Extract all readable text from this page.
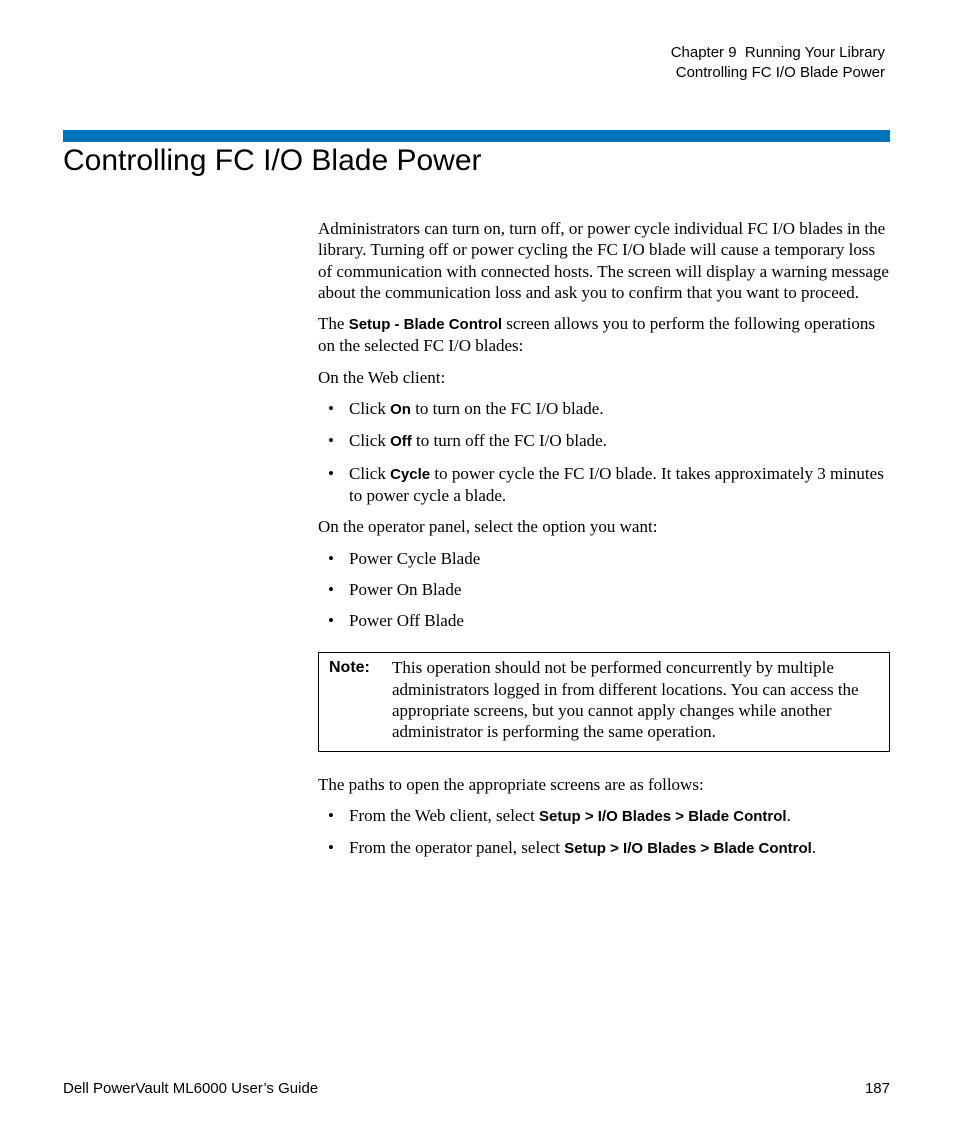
Chapter 9  Running Your Library
Controlling FC I/O Blade Power
Controlling FC I/O Blade Power

Administrators can turn on, turn off, or power cycle individual FC I/O blades in the library. Turning off or power cycling the FC I/O blade will cause a temporary loss of communication with connected hosts. The screen will display a warning message about the communication loss and ask you to confirm that you want to proceed.

The Setup - Blade Control screen allows you to perform the following operations on the selected FC I/O blades:

On the Web client:

• Click On to turn on the FC I/O blade.
• Click Off to turn off the FC I/O blade.
• Click Cycle to power cycle the FC I/O blade. It takes approximately 3 minutes to power cycle a blade.

On the operator panel, select the option you want:

• Power Cycle Blade
• Power On Blade
• Power Off Blade
Note:	This operation should not be performed concurrently by multiple administrators logged in from different locations. You can access the appropriate screens, but you cannot apply changes while another administrator is performing the same operation.

The paths to open the appropriate screens are as follows:

• From the Web client, select Setup > I/O Blades > Blade Control.
• From the operator panel, select Setup > I/O Blades > Blade Control.
Dell PowerVault ML6000 User’s Guide	187
